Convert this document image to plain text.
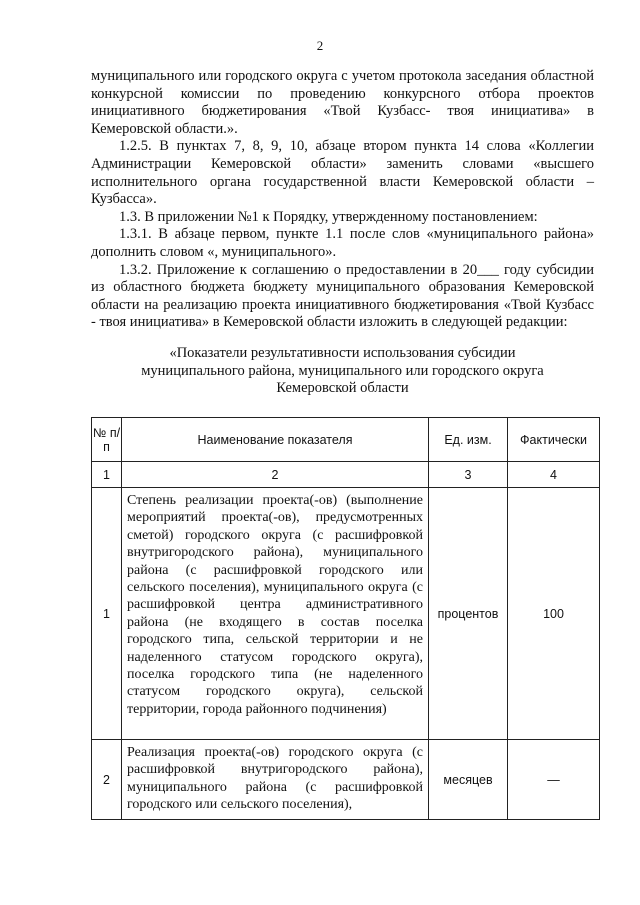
2

муниципального или городского округа с учетом протокола заседания областной конкурсной комиссии по проведению конкурсного отбора проектов инициативного бюджетирования «Твой Кузбасс- твоя инициатива» в Кемеровской области.».

1.2.5. В пунктах 7, 8, 9, 10, абзаце втором пункта 14 слова «Коллегии Администрации Кемеровской области» заменить словами «высшего исполнительного органа государственной власти Кемеровской области – Кузбасса».

1.3. В приложении №1 к Порядку, утвержденному постановлением:

1.3.1. В абзаце первом, пункте 1.1 после слов «муниципального района» дополнить словом «, муниципального».

1.3.2. Приложение к соглашению о предоставлении в 20___ году субсидии из областного бюджета бюджету муниципального образования Кемеровской области на реализацию проекта инициативного бюджетирования «Твой Кузбасс - твоя инициатива» в Кемеровской области изложить в следующей редакции:

«Показатели результативности использования субсидии
муниципального района, муниципального или городского округа
Кемеровской области
№ п/п	Наименование показателя	Ед. изм.	Фактически
1	2	3	4
1	Степень реализации проекта(-ов) (выполнение мероприятий проекта(-ов), предусмотренных сметой) городского округа (с расшифровкой внутригородского района), муниципального района (с расшифровкой городского или сельского поселения), муниципального округа (с расшифровкой центра административного района (не входящего в состав поселка городского типа, сельской территории и не наделенного статусом городского округа), поселка городского типа (не наделенного статусом городского округа), сельской территории, города районного подчинения)	процентов	100
2	Реализация проекта(-ов) городского округа (с расшифровкой внутригородского района), муниципального района (с расшифровкой городского или сельского поселения),	месяцев	—
